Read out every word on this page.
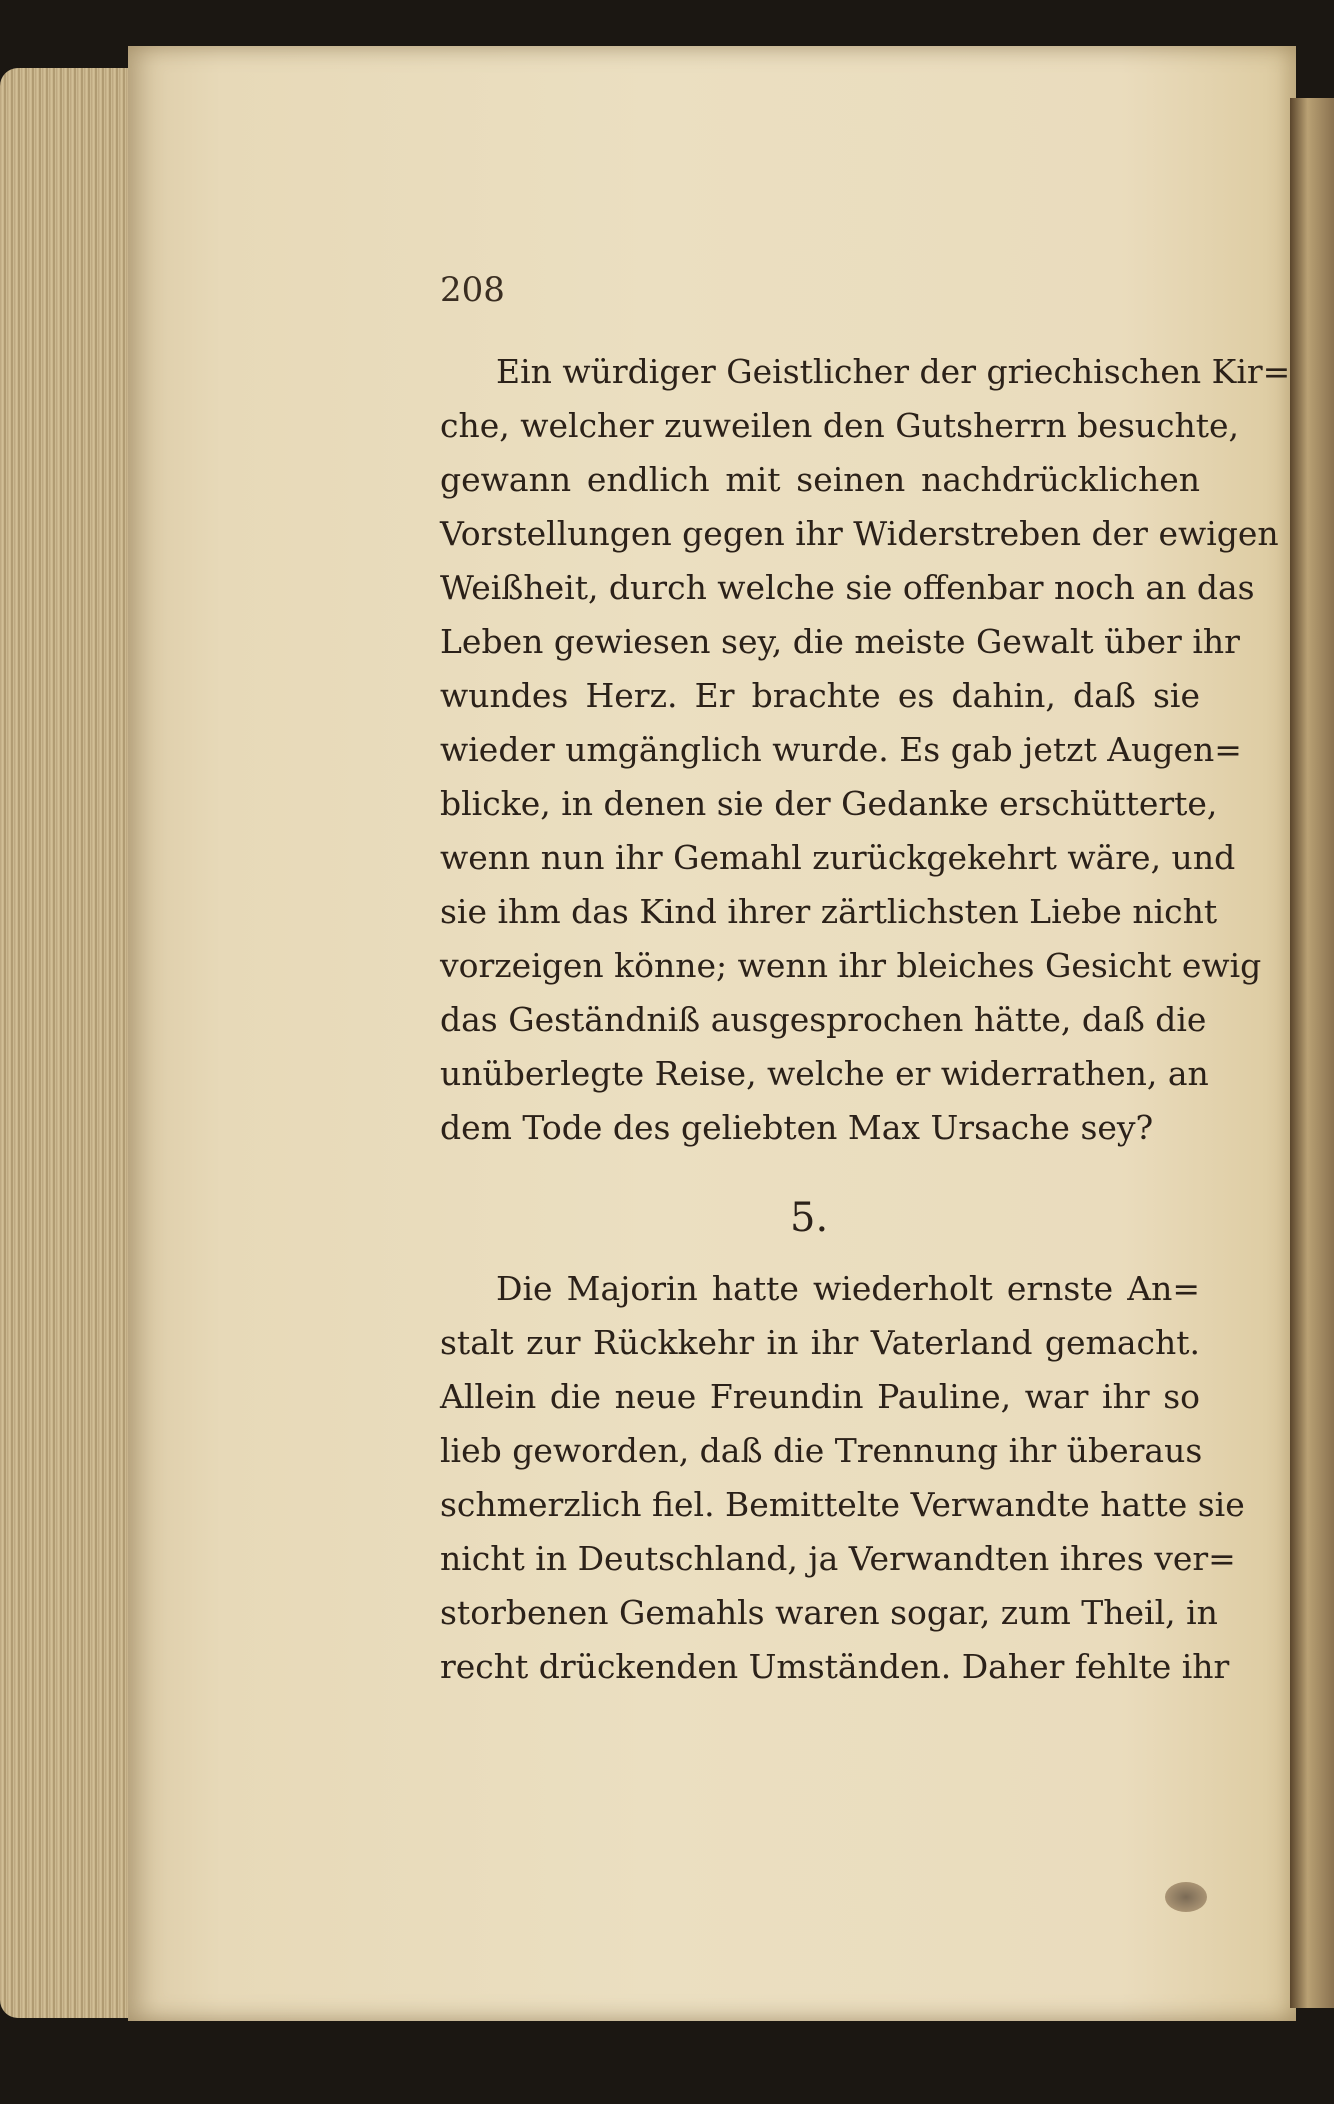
208
Ein würdiger Geistlicher der griechischen Kir=
che, welcher zuweilen den Gutsherrn besuchte,
gewann endlich mit seinen nachdrücklichen
Vorstellungen gegen ihr Widerstreben der ewigen
Weißheit, durch welche sie offenbar noch an das
Leben gewiesen sey, die meiste Gewalt über ihr
wundes Herz. Er brachte es dahin, daß sie
wieder umgänglich wurde. Es gab jetzt Augen=
blicke, in denen sie der Gedanke erschütterte,
wenn nun ihr Gemahl zurückgekehrt wäre, und
sie ihm das Kind ihrer zärtlichsten Liebe nicht
vorzeigen könne; wenn ihr bleiches Gesicht ewig
das Geständniß ausgesprochen hätte, daß die
unüberlegte Reise, welche er widerrathen, an
dem Tode des geliebten Max Ursache sey?
5.
Die Majorin hatte wiederholt ernste An=
stalt zur Rückkehr in ihr Vaterland gemacht.
Allein die neue Freundin Pauline, war ihr so
lieb geworden, daß die Trennung ihr überaus
schmerzlich fiel. Bemittelte Verwandte hatte sie
nicht in Deutschland, ja Verwandten ihres ver=
storbenen Gemahls waren sogar, zum Theil, in
recht drückenden Umständen. Daher fehlte ihr
